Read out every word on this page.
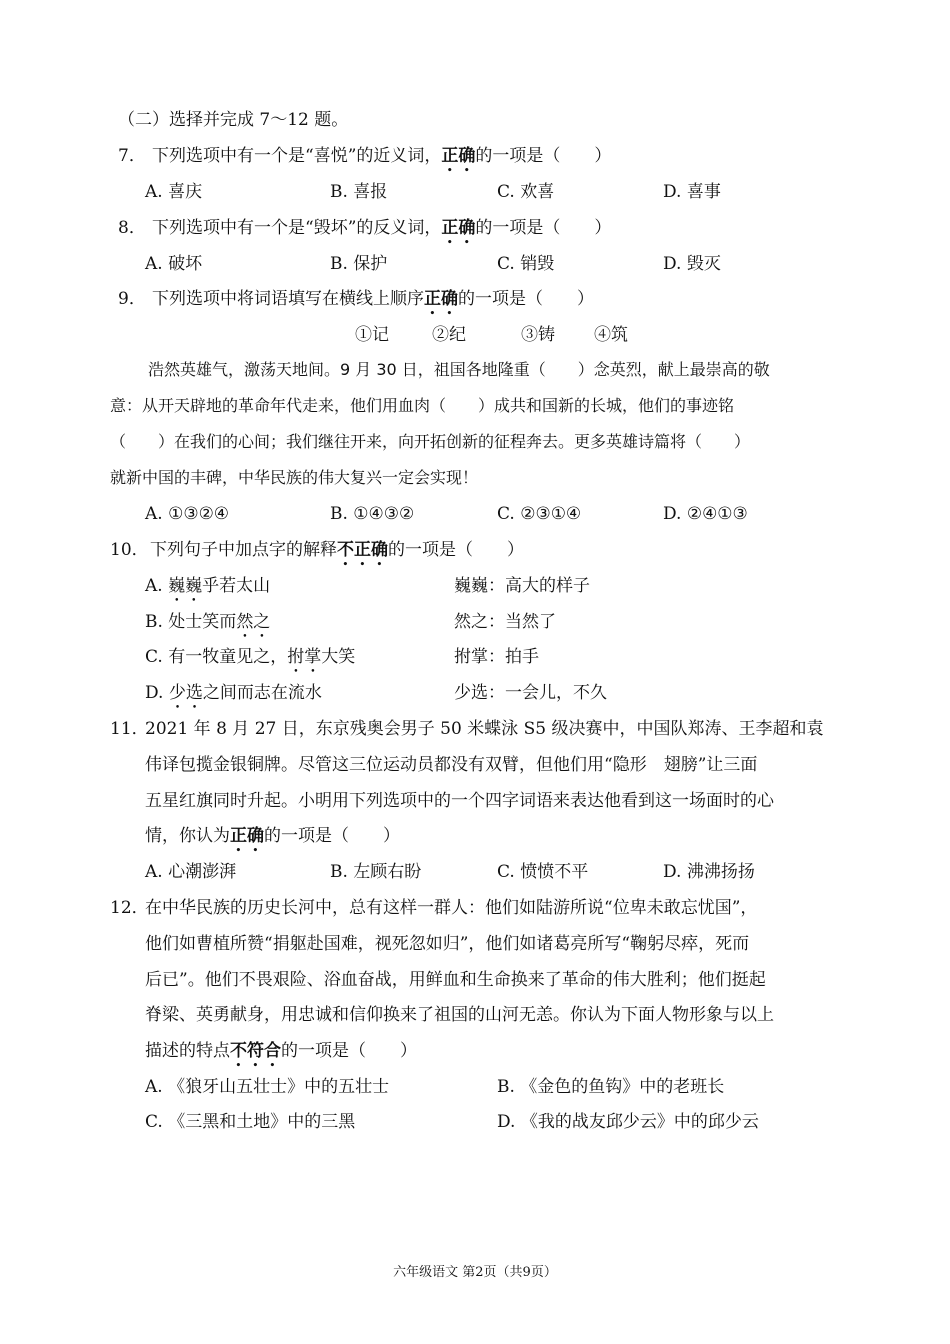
（二）选择并完成 7～12 题。
7． 下列选项中有一个是“喜悦”的近义词，正确的一项是（　　）
A. 喜庆	B. 喜报	C. 欢喜	D. 喜事
8． 下列选项中有一个是“毁坏”的反义词，正确的一项是（　　）
A. 破坏	B. 保护	C. 销毁	D. 毁灭
9． 下列选项中将词语填写在横线上顺序正确的一项是（　　）
①记	②纪	③铸 ④筑
浩然英雄气，激荡天地间。9 月 30 日，祖国各地隆重（　　）念英烈，献上最崇高的敬
意：从开天辟地的革命年代走来，他们用血肉（　　）成共和国新的长城，他们的事迹铭
（　　）在我们的心间；我们继往开来，向开拓创新的征程奔去。更多英雄诗篇将（　　）
就新中国的丰碑，中华民族的伟大复兴一定会实现！
A. ①③②④	B. ①④③②	C. ②③①④	D. ②④①③
10．下列句子中加点字的解释不正确的一项是（　　）
A. 巍巍乎若太山	巍巍：高大的样子
B. 处士笑而然之	然之：当然了
C. 有一牧童见之，拊掌大笑	拊掌：拍手
D. 少选之间而志在流水	少选：一会儿，不久
11．
2021 年 8 月 27 日，东京残奥会男子 50 米蝶泳 S5 级决赛中，中国队郑涛、王李超和袁
伟译包揽金银铜牌。尽管这三位运动员都没有双臂，但他们用“隐形　翅膀”让三面
五星红旗同时升起。小明用下列选项中的一个四字词语来表达他看到这一场面时的心
情，你认为正确的一项是（　　）
A. 心潮澎湃	B. 左顾右盼	C. 愤愤不平	D. 沸沸扬扬
12．
在中华民族的历史长河中，总有这样一群人：他们如陆游所说“位卑未敢忘忧国”，
他们如曹植所赞“捐躯赴国难，视死忽如归”，他们如诸葛亮所写“鞠躬尽瘁，死而
后已”。他们不畏艰险、浴血奋战，用鲜血和生命换来了革命的伟大胜利；他们挺起
脊梁、英勇献身，用忠诚和信仰换来了祖国的山河无恙。你认为下面人物形象与以上
描述的特点不符合的一项是（　　）
A. 《狼牙山五壮士》中的五壮士	B. 《金色的鱼钩》中的老班长
C. 《三黑和土地》中的三黑	D. 《我的战友邱少云》中的邱少云
六年级语文 第2页（共9页）
